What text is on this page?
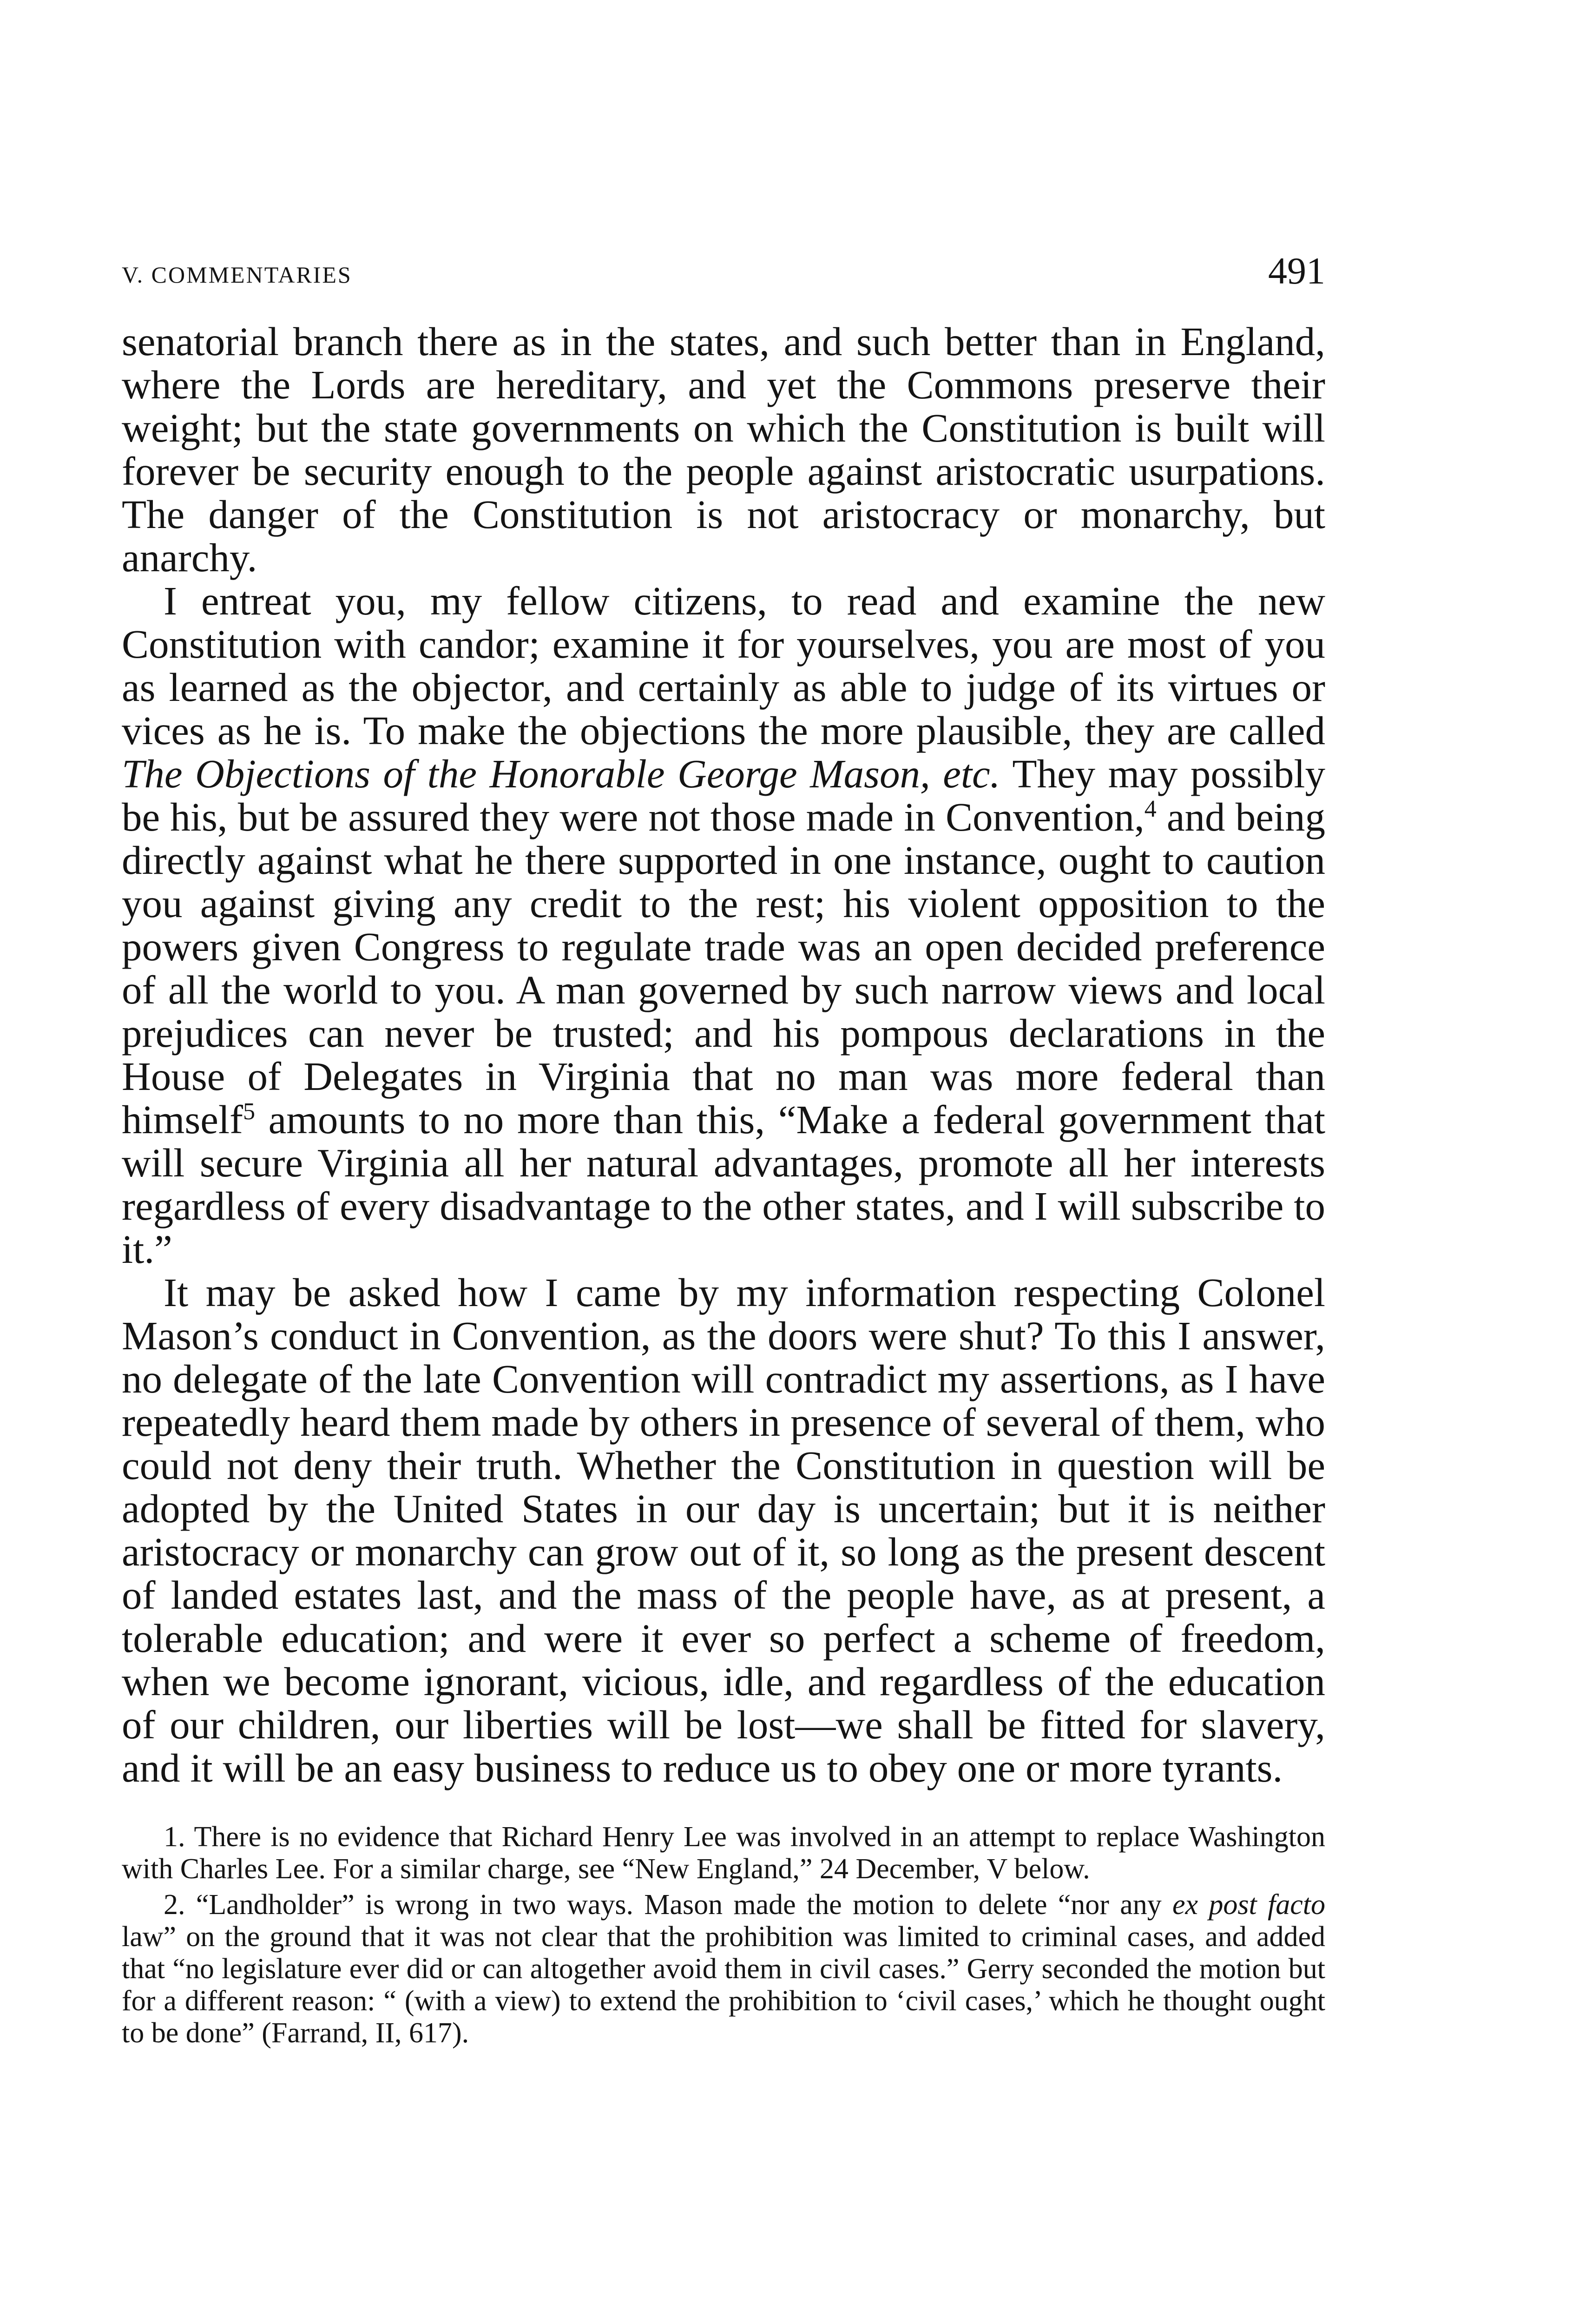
V. COMMENTARIES	491

senatorial branch there as in the states, and such better than in England, where the Lords are hereditary, and yet the Commons preserve their weight; but the state governments on which the Constitution is built will forever be security enough to the people against aristocratic usurpations. The danger of the Constitution is not aristocracy or monarchy, but anarchy.

I entreat you, my fellow citizens, to read and examine the new Constitution with candor; examine it for yourselves, you are most of you as learned as the objector, and certainly as able to judge of its virtues or vices as he is. To make the objections the more plausible, they are called The Objections of the Honorable George Mason, etc. They may possibly be his, but be assured they were not those made in Convention,$^4$ and being directly against what he there supported in one instance, ought to caution you against giving any credit to the rest; his violent opposition to the powers given Congress to regulate trade was an open decided preference of all the world to you. A man governed by such narrow views and local prejudices can never be trusted; and his pompous declarations in the House of Delegates in Virginia that no man was more federal than himself$^5$ amounts to no more than this, “Make a federal government that will secure Virginia all her natural advantages, promote all her interests regardless of every disadvantage to the other states, and I will subscribe to it.”

It may be asked how I came by my information respecting Colonel Mason’s conduct in Convention, as the doors were shut? To this I answer, no delegate of the late Convention will contradict my assertions, as I have repeatedly heard them made by others in presence of several of them, who could not deny their truth. Whether the Constitution in question will be adopted by the United States in our day is uncertain; but it is neither aristocracy or monarchy can grow out of it, so long as the present descent of landed estates last, and the mass of the people have, as at present, a tolerable education; and were it ever so perfect a scheme of freedom, when we become ignorant, vicious, idle, and regardless of the education of our children, our liberties will be lost—we shall be fitted for slavery, and it will be an easy business to reduce us to obey one or more tyrants.

1. There is no evidence that Richard Henry Lee was involved in an attempt to replace Washington with Charles Lee. For a similar charge, see “New England,” 24 December, V below.

2. “Landholder” is wrong in two ways. Mason made the motion to delete “nor any ex post facto law” on the ground that it was not clear that the prohibition was limited to criminal cases, and added that “no legislature ever did or can altogether avoid them in civil cases.” Gerry seconded the motion but for a different reason: “ (with a view) to extend the prohibition to ‘civil cases,’ which he thought ought to be done” (Farrand, II, 617).
